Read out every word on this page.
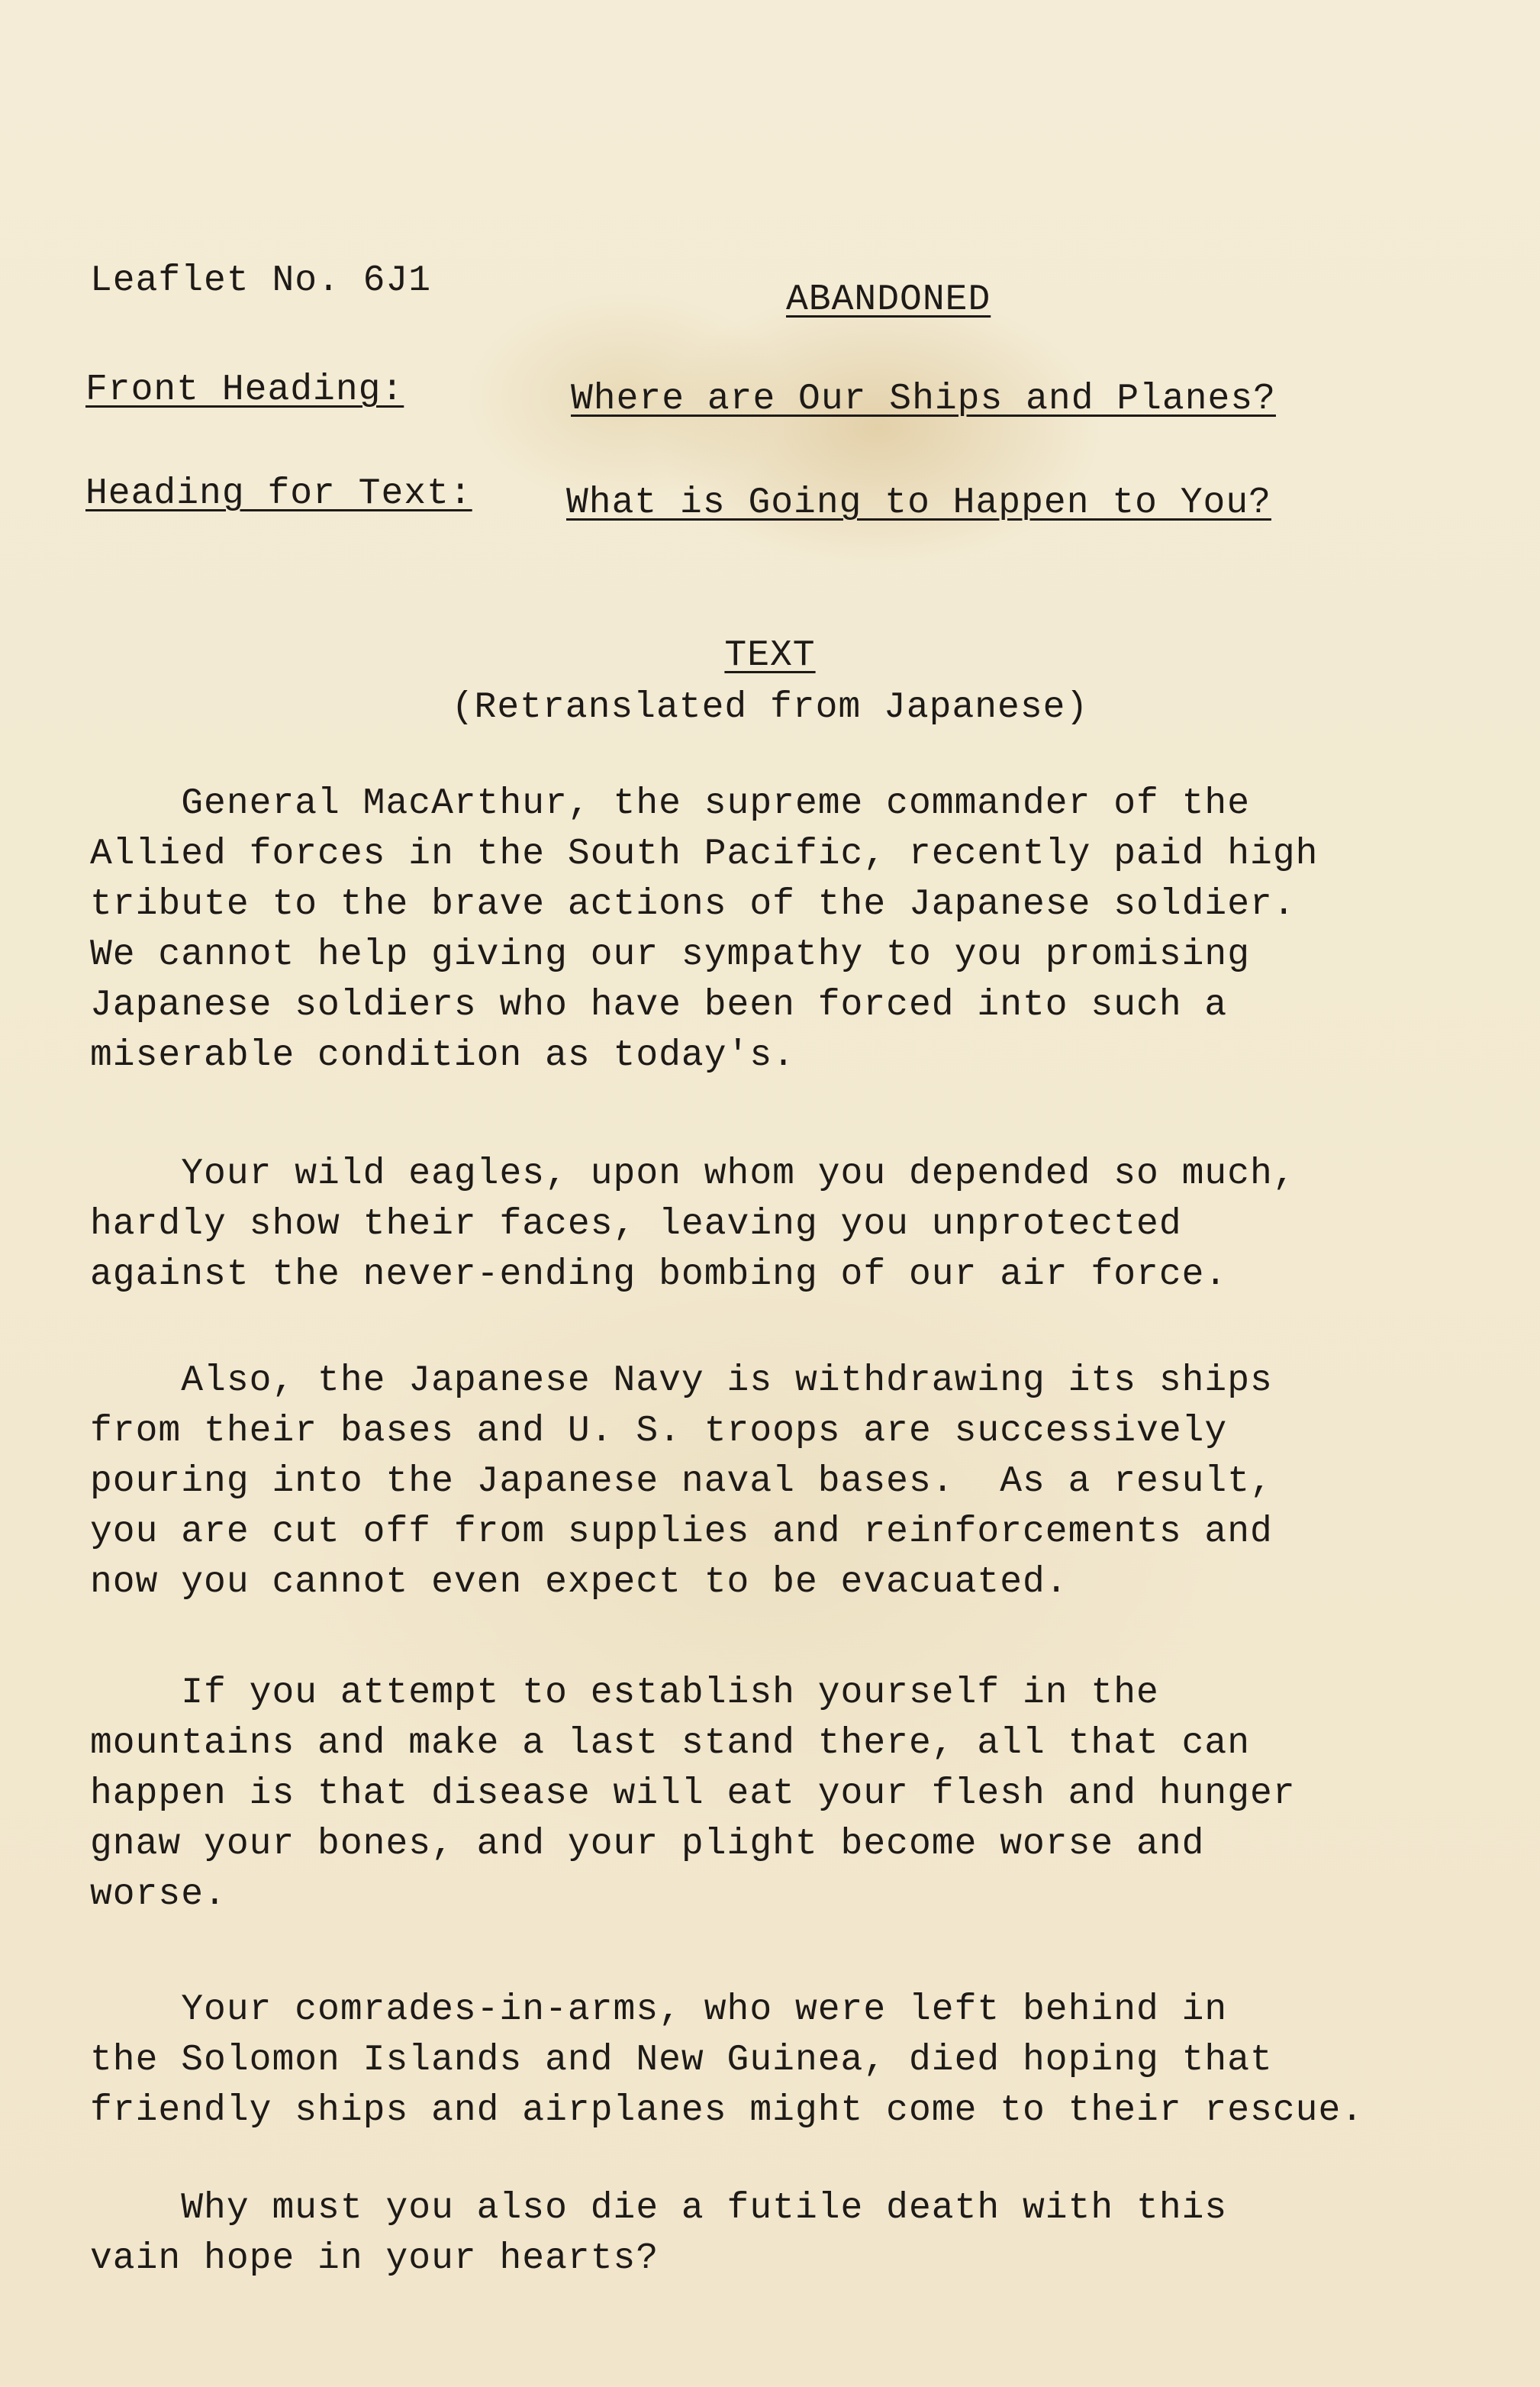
Leaflet No. 6J1	ABANDONED
Front Heading:	Where are Our Ships and Planes?
Heading for Text:	What is Going to Happen to You?
TEXT
(Retranslated from Japanese)
General MacArthur, the supreme commander of the
Allied forces in the South Pacific, recently paid high
tribute to the brave actions of the Japanese soldier.
We cannot help giving our sympathy to you promising
Japanese soldiers who have been forced into such a
miserable condition as today's.
Your wild eagles, upon whom you depended so much,
hardly show their faces, leaving you unprotected
against the never-ending bombing of our air force.
Also, the Japanese Navy is withdrawing its ships
from their bases and U. S. troops are successively
pouring into the Japanese naval bases.  As a result,
you are cut off from supplies and reinforcements and
now you cannot even expect to be evacuated.
If you attempt to establish yourself in the
mountains and make a last stand there, all that can
happen is that disease will eat your flesh and hunger
gnaw your bones, and your plight become worse and
worse.
Your comrades-in-arms, who were left behind in
the Solomon Islands and New Guinea, died hoping that
friendly ships and airplanes might come to their rescue.
Why must you also die a futile death with this
vain hope in your hearts?
